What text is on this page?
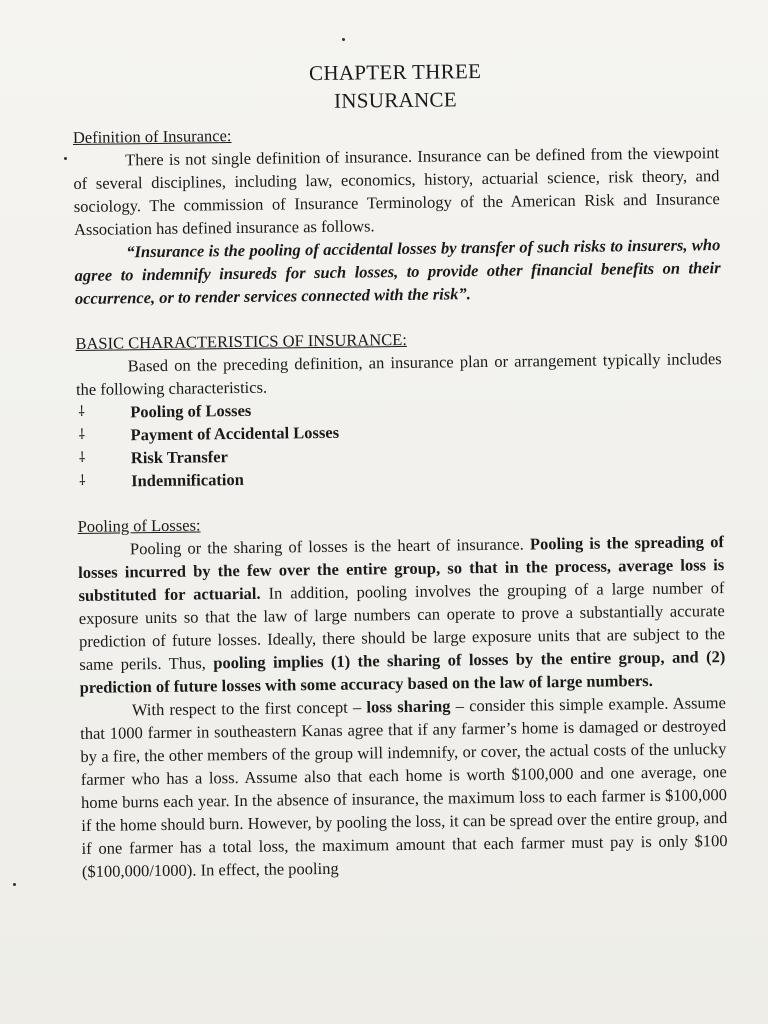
CHAPTER THREE
INSURANCE
Definition of Insurance:

There is not single definition of insurance. Insurance can be defined from the viewpoint of several disciplines, including law, economics, history, actuarial science, risk theory, and sociology. The commission of Insurance Terminology of the American Risk and Insurance Association has defined insurance as follows.

“Insurance is the pooling of accidental losses by transfer of such risks to insurers, who agree to indemnify insureds for such losses, to provide other financial benefits on their occurrence, or to render services connected with the risk”.

BASIC CHARACTERISTICS OF INSURANCE:

Based on the preceding definition, an insurance plan or arrangement typically includes the following characteristics.

⸸	Pooling of Losses
⸸	Payment of Accidental Losses
⸸	Risk Transfer
⸸	Indemnification
Pooling of Losses:

Pooling or the sharing of losses is the heart of insurance. Pooling is the spreading of losses incurred by the few over the entire group, so that in the process, average loss is substituted for actuarial. In addition, pooling involves the grouping of a large number of exposure units so that the law of large numbers can operate to prove a substantially accurate prediction of future losses. Ideally, there should be large exposure units that are subject to the same perils. Thus, pooling implies (1) the sharing of losses by the entire group, and (2) prediction of future losses with some accuracy based on the law of large numbers.

With respect to the first concept – loss sharing – consider this simple example. Assume that 1000 farmer in southeastern Kanas agree that if any farmer’s home is damaged or destroyed by a fire, the other members of the group will indemnify, or cover, the actual costs of the unlucky farmer who has a loss. Assume also that each home is worth $100,000 and one average, one home burns each year. In the absence of insurance, the maximum loss to each farmer is $100,000 if the home should burn. However, by pooling the loss, it can be spread over the entire group, and if one farmer has a total loss, the maximum amount that each farmer must pay is only $100 ($100,000/1000). In effect, the pooling
